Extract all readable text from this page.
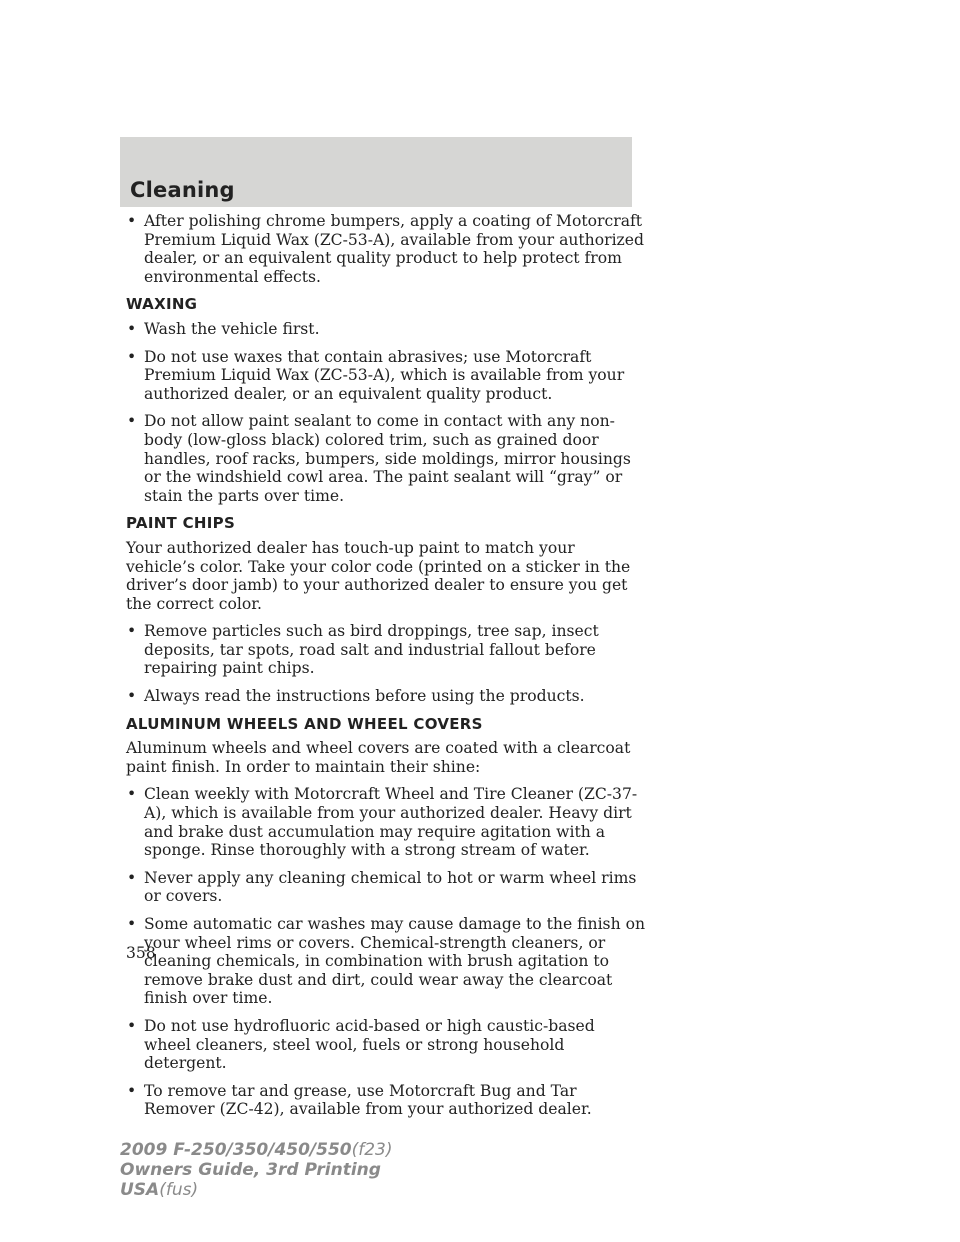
Cleaning
• After polishing chrome bumpers, apply a coating of Motorcraft Premium Liquid Wax (ZC-53-A), available from your authorized dealer, or an equivalent quality product to help protect from environmental effects.
WAXING
• Wash the vehicle first.
• Do not use waxes that contain abrasives; use Motorcraft Premium Liquid Wax (ZC-53-A), which is available from your authorized dealer, or an equivalent quality product.
• Do not allow paint sealant to come in contact with any non-body (low-gloss black) colored trim, such as grained door handles, roof racks, bumpers, side moldings, mirror housings or the windshield cowl area. The paint sealant will “gray” or stain the parts over time.
PAINT CHIPS
Your authorized dealer has touch-up paint to match your vehicle’s color. Take your color code (printed on a sticker in the driver’s door jamb) to your authorized dealer to ensure you get the correct color.
• Remove particles such as bird droppings, tree sap, insect deposits, tar spots, road salt and industrial fallout before repairing paint chips.
• Always read the instructions before using the products.
ALUMINUM WHEELS AND WHEEL COVERS
Aluminum wheels and wheel covers are coated with a clearcoat paint finish. In order to maintain their shine:
• Clean weekly with Motorcraft Wheel and Tire Cleaner (ZC-37-A), which is available from your authorized dealer. Heavy dirt and brake dust accumulation may require agitation with a sponge. Rinse thoroughly with a strong stream of water.
• Never apply any cleaning chemical to hot or warm wheel rims or covers.
• Some automatic car washes may cause damage to the finish on your wheel rims or covers. Chemical-strength cleaners, or cleaning chemicals, in combination with brush agitation to remove brake dust and dirt, could wear away the clearcoat finish over time.
• Do not use hydrofluoric acid-based or high caustic-based wheel cleaners, steel wool, fuels or strong household detergent.
• To remove tar and grease, use Motorcraft Bug and Tar Remover (ZC-42), available from your authorized dealer.
358
2009 F-250/350/450/550(f23)
Owners Guide, 3rd Printing
USA(fus)
